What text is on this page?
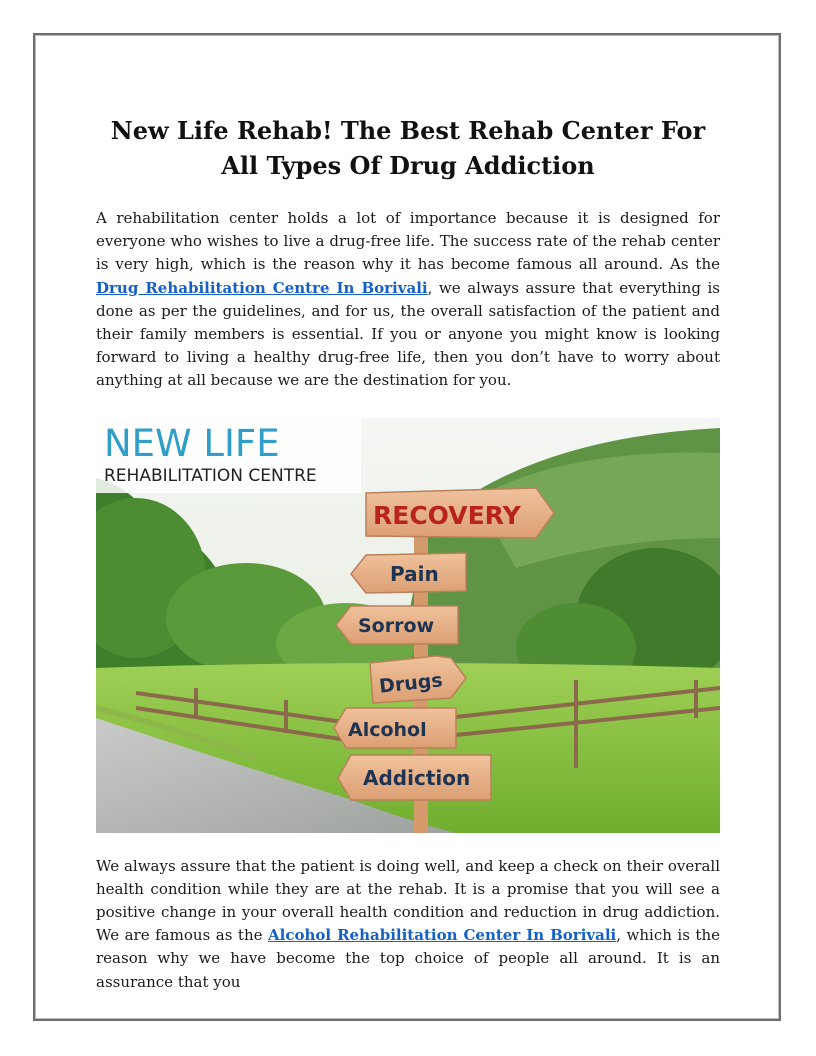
New Life Rehab! The Best Rehab Center For All Types Of Drug Addiction

A rehabilitation center holds a lot of importance because it is designed for everyone who wishes to live a drug-free life. The success rate of the rehab center is very high, which is the reason why it has become famous all around. As the Drug Rehabilitation Centre In Borivali, we always assure that everything is done as per the guidelines, and for us, the overall satisfaction of the patient and their family members is essential. If you or anyone you might know is looking forward to living a healthy drug-free life, then you don’t have to worry about anything at all because we are the destination for you.

NEW LIFE
REHABILITATION CENTRE
RECOVERY
Pain
Sorrow
Drugs
Alcohol
Addiction

We always assure that the patient is doing well, and keep a check on their overall health condition while they are at the rehab. It is a promise that you will see a positive change in your overall health condition and reduction in drug addiction. We are famous as the Alcohol Rehabilitation Center In Borivali, which is the reason why we have become the top choice of people all around. It is an assurance that you
